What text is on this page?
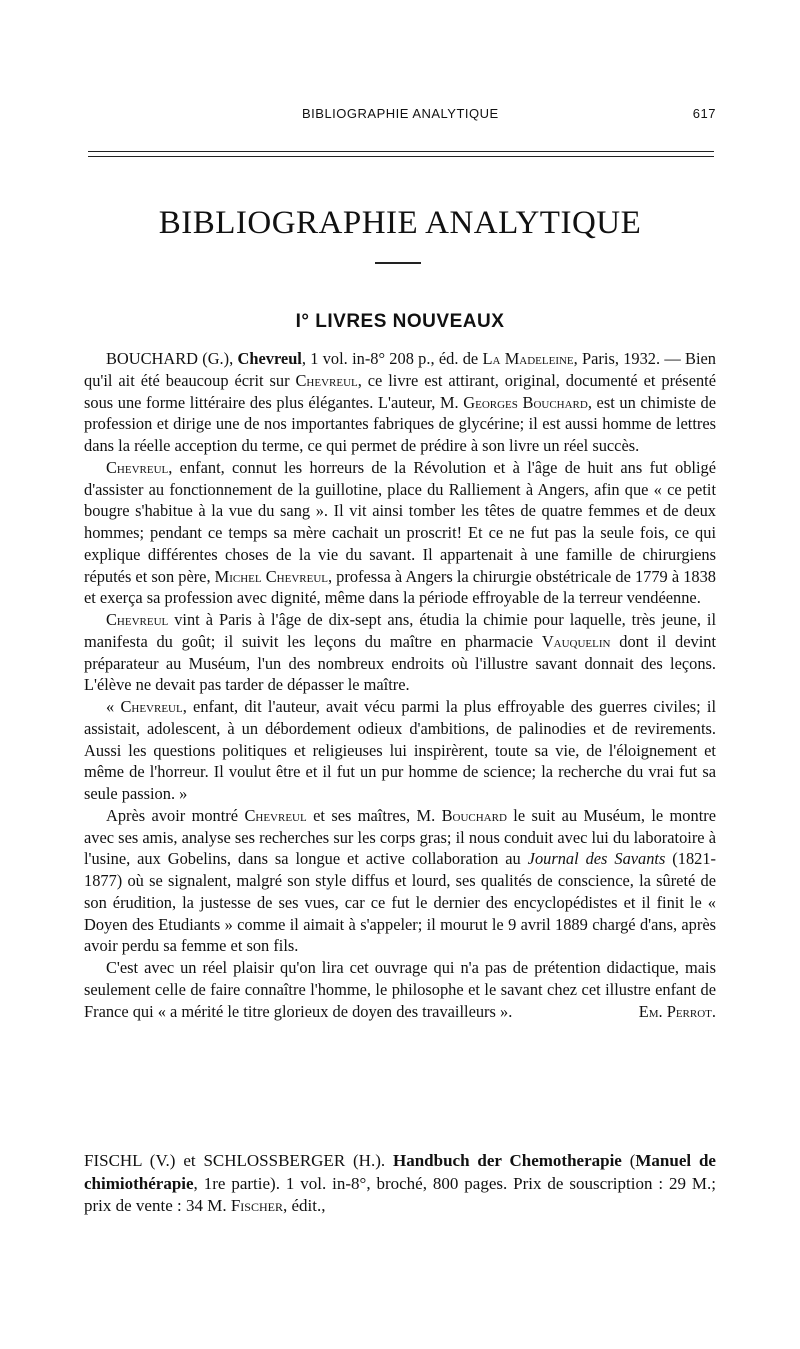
BIBLIOGRAPHIE ANALYTIQUE	617
BIBLIOGRAPHIE ANALYTIQUE
I° LIVRES NOUVEAUX

BOUCHARD (G.), Chevreul, 1 vol. in-8° 208 p., éd. de La Madeleine, Paris, 1932. — Bien qu'il ait été beaucoup écrit sur Chevreul, ce livre est attirant, original, documenté et présenté sous une forme littéraire des plus élégantes. L'auteur, M. Georges Bouchard, est un chimiste de profession et dirige une de nos importantes fabriques de glycérine; il est aussi homme de lettres dans la réelle acception du terme, ce qui permet de prédire à son livre un réel succès.

Chevreul, enfant, connut les horreurs de la Révolution et à l'âge de huit ans fut obligé d'assister au fonctionnement de la guillotine, place du Ralliement à Angers, afin que « ce petit bougre s'habitue à la vue du sang ». Il vit ainsi tomber les têtes de quatre femmes et de deux hommes; pendant ce temps sa mère cachait un proscrit! Et ce ne fut pas la seule fois, ce qui explique différentes choses de la vie du savant. Il appartenait à une famille de chirurgiens réputés et son père, Michel Chevreul, professa à Angers la chirurgie obstétricale de 1779 à 1838 et exerça sa profession avec dignité, même dans la période effroyable de la terreur vendéenne.

Chevreul vint à Paris à l'âge de dix-sept ans, étudia la chimie pour laquelle, très jeune, il manifesta du goût; il suivit les leçons du maître en pharmacie Vauquelin dont il devint préparateur au Muséum, l'un des nombreux endroits où l'illustre savant donnait des leçons. L'élève ne devait pas tarder de dépasser le maître.

« Chevreul, enfant, dit l'auteur, avait vécu parmi la plus effroyable des guerres civiles; il assistait, adolescent, à un débordement odieux d'ambitions, de palinodies et de revirements. Aussi les questions politiques et religieuses lui inspirèrent, toute sa vie, de l'éloignement et même de l'horreur. Il voulut être et il fut un pur homme de science; la recherche du vrai fut sa seule passion. »

Après avoir montré Chevreul et ses maîtres, M. Bouchard le suit au Muséum, le montre avec ses amis, analyse ses recherches sur les corps gras; il nous conduit avec lui du laboratoire à l'usine, aux Gobelins, dans sa longue et active collaboration au Journal des Savants (1821-1877) où se signalent, malgré son style diffus et lourd, ses qualités de conscience, la sûreté de son érudition, la justesse de ses vues, car ce fut le dernier des encyclopédistes et il finit le « Doyen des Etudiants » comme il aimait à s'appeler; il mourut le 9 avril 1889 chargé d'ans, après avoir perdu sa femme et son fils.

C'est avec un réel plaisir qu'on lira cet ouvrage qui n'a pas de prétention didactique, mais seulement celle de faire connaître l'homme, le philosophe et le savant chez cet illustre enfant de France qui « a mérité le titre glorieux de doyen des travailleurs ».	Em. Perrot.

FISCHL (V.) et SCHLOSSBERGER (H.). Handbuch der Chemotherapie (Manuel de chimiothérapie, 1re partie). 1 vol. in-8°, broché, 800 pages. Prix de souscription : 29 M.; prix de vente : 34 M. Fischer, édit.,
